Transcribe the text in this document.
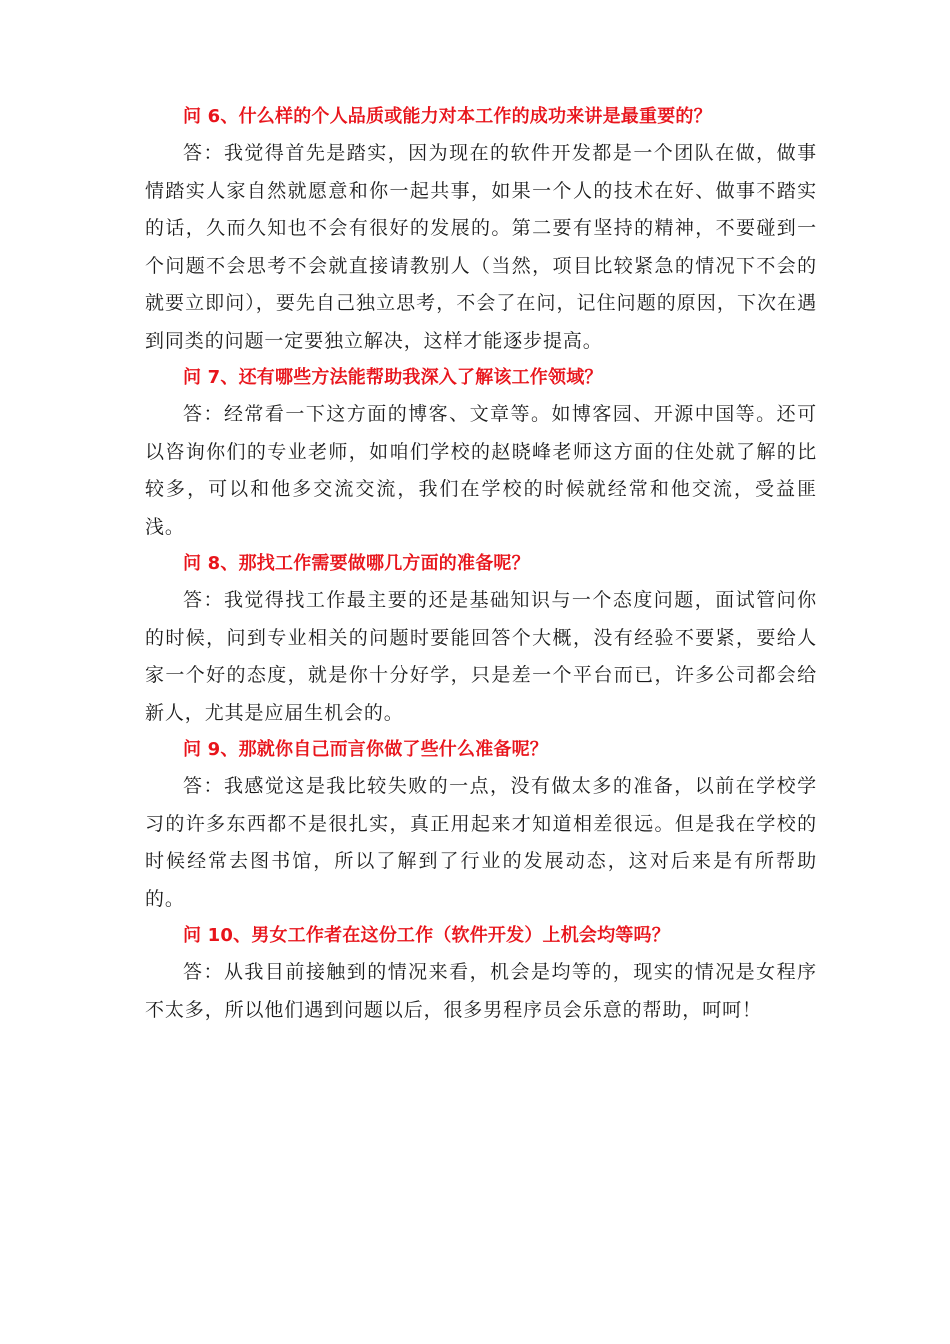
问 6、什么样的个人品质或能力对本工作的成功来讲是最重要的？

答：我觉得首先是踏实，因为现在的软件开发都是一个团队在做，做事情踏实人家自然就愿意和你一起共事，如果一个人的技术在好、做事不踏实的话，久而久知也不会有很好的发展的。第二要有坚持的精神，不要碰到一个问题不会思考不会就直接请教别人（当然，项目比较紧急的情况下不会的就要立即问），要先自己独立思考，不会了在问，记住问题的原因，下次在遇到同类的问题一定要独立解决，这样才能逐步提高。

问 7、还有哪些方法能帮助我深入了解该工作领域？

答：经常看一下这方面的博客、文章等。如博客园、开源中国等。还可以咨询你们的专业老师，如咱们学校的赵晓峰老师这方面的住处就了解的比较多，可以和他多交流交流，我们在学校的时候就经常和他交流，受益匪浅。

问 8、那找工作需要做哪几方面的准备呢？

答：我觉得找工作最主要的还是基础知识与一个态度问题，面试管问你的时候，问到专业相关的问题时要能回答个大概，没有经验不要紧，要给人家一个好的态度，就是你十分好学，只是差一个平台而已，许多公司都会给新人，尤其是应届生机会的。

问 9、那就你自己而言你做了些什么准备呢？

答：我感觉这是我比较失败的一点，没有做太多的准备，以前在学校学习的许多东西都不是很扎实，真正用起来才知道相差很远。但是我在学校的时候经常去图书馆，所以了解到了行业的发展动态，这对后来是有所帮助的。

问 10、男女工作者在这份工作（软件开发）上机会均等吗？

答：从我目前接触到的情况来看，机会是均等的，现实的情况是女程序不太多，所以他们遇到问题以后，很多男程序员会乐意的帮助，呵呵！
